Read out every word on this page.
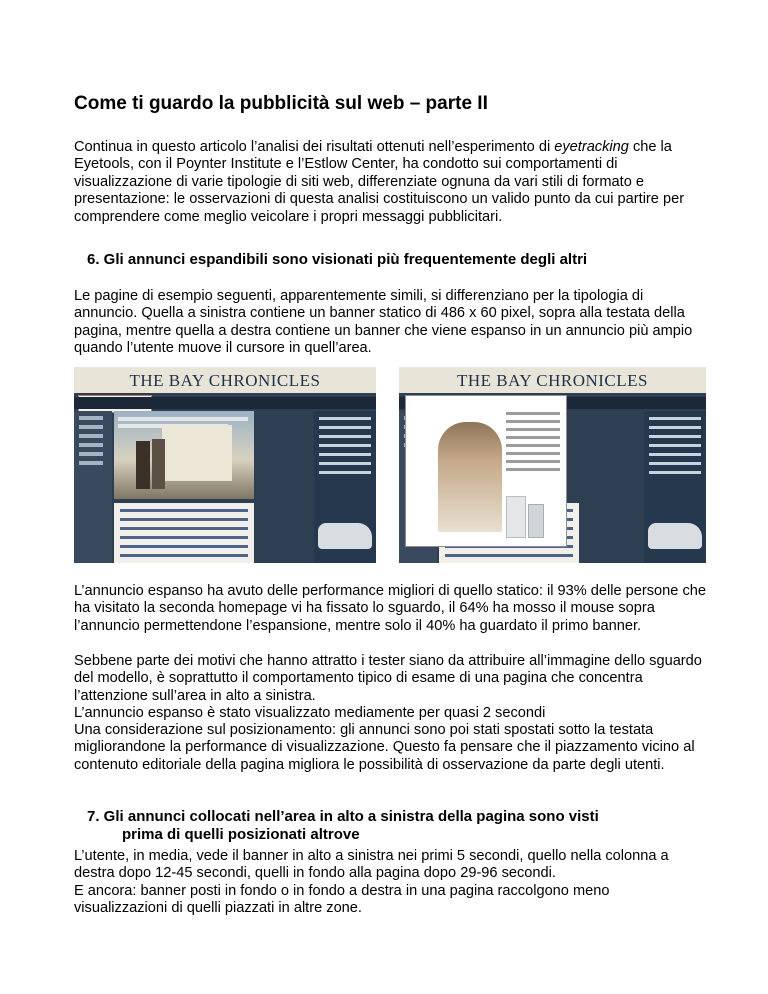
Come ti guardo la pubblicità sul web – parte II

Continua in questo articolo l’analisi dei risultati ottenuti nell’esperimento di eyetracking che la Eyetools, con il Poynter Institute e l’Estlow Center, ha condotto sui comportamenti di visualizzazione di varie tipologie di siti web, differenziate ognuna da vari stili di formato e presentazione: le osservazioni di questa analisi costituiscono un valido punto da cui partire per comprendere come meglio veicolare i propri messaggi pubblicitari.

6. Gli annunci espandibili sono visionati più frequentemente degli altri

Le pagine di esempio seguenti, apparentemente simili, si differenziano per la tipologia di annuncio. Quella a sinistra contiene un banner statico di 486 x 60 pixel, sopra alla testata della pagina, mentre quella a destra contiene un banner che viene espanso in un annuncio più ampio quando l’utente muove il cursore in quell’area.

THE BAY CHRONICLES	THE BAY CHRONICLES

L’annuncio espanso ha avuto delle performance migliori di quello statico: il 93% delle persone che ha visitato la seconda homepage vi ha fissato lo sguardo, il 64% ha mosso il mouse sopra l’annuncio permettendone l’espansione, mentre solo il 40% ha guardato il primo banner.

Sebbene parte dei motivi che hanno attratto i tester siano da attribuire all’immagine dello sguardo del modello, è soprattutto il comportamento tipico di esame di una pagina che concentra l’attenzione sull’area in alto a sinistra.

L’annuncio espanso è stato visualizzato mediamente per quasi 2 secondi

Una considerazione sul posizionamento: gli annunci sono poi stati spostati sotto la testata migliorandone la performance di visualizzazione. Questo fa pensare che il piazzamento vicino al contenuto editoriale della pagina migliora le possibilità di osservazione da parte degli utenti.

7. Gli annunci collocati nell’area in alto a sinistra della pagina sono visti
prima di quelli posizionati altrove

L’utente, in media, vede il banner in alto a sinistra nei primi 5 secondi, quello nella colonna a destra dopo 12-45 secondi, quelli in fondo alla pagina dopo 29-96 secondi.

E ancora: banner posti in fondo o in fondo a destra in una pagina raccolgono meno visualizzazioni di quelli piazzati in altre zone.
